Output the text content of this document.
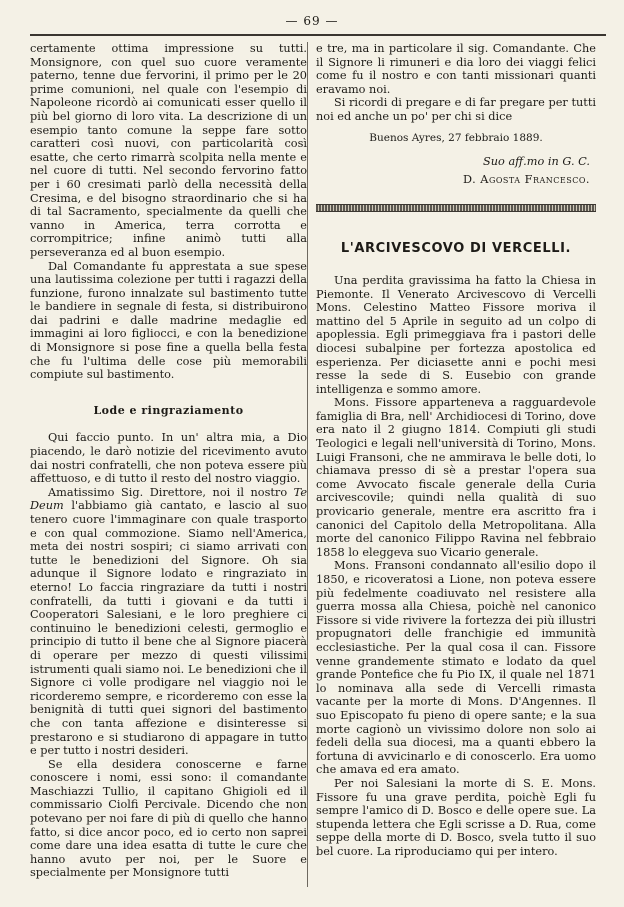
— 69 —

certamente ottima impressione su tutti. Monsignore, con quel suo cuore veramente paterno, tenne due fervorini, il primo per le 20 prime comunioni, nel quale con l'esempio di Napoleone ricordò ai comunicati esser quello il più bel giorno di loro vita. La descrizione di un esempio tanto comune la seppe fare sotto caratteri così nuovi, con particolarità così esatte, che certo rimarrà scolpita nella mente e nel cuore di tutti. Nel secondo fervorino fatto per i 60 cresimati parlò della necessità della Cresima, e del bisogno straordinario che si ha di tal Sacramento, specialmente da quelli che vanno in America, terra corrotta e corrompitrice; infine animò tutti alla perseveranza ed al buon esempio.

Dal Comandante fu apprestata a sue spese una lautissima colezione per tutti i ragazzi della funzione, furono innalzate sul bastimento tutte le bandiere in segnale di festa, si distribuirono dai padrini e dalle madrine medaglie ed immagini ai loro figliocci, e con la benedizione di Monsignore si pose fine a quella bella festa che fu l'ultima delle cose più memorabili compiute sul bastimento.

Lode e ringraziamento

Qui faccio punto. In un' altra mia, a Dio piacendo, le darò notizie del ricevimento avuto dai nostri confratelli, che non poteva essere più affettuoso, e di tutto il resto del nostro viaggio.

Amatissimo Sig. Direttore, noi il nostro Te Deum l'abbiamo già cantato, e lascio al suo tenero cuore l'immaginare con quale trasporto e con qual commozione. Siamo nell'America, meta dei nostri sospiri; ci siamo arrivati con tutte le benedizioni del Signore. Oh sia adunque il Signore lodato e ringraziato in eterno! Lo faccia ringraziare da tutti i nostri confratelli, da tutti i giovani e da tutti i Cooperatori Salesiani, e le loro preghiere ci continuino le benedizioni celesti, germoglio e principio di tutto il bene che al Signore piacerà di operare per mezzo di questi vilissimi istrumenti quali siamo noi. Le benedizioni che il Signore ci volle prodigare nel viaggio noi le ricorderemo sempre, e ricorderemo con esse la benignità di tutti quei signori del bastimento che con tanta affezione e disinteresse si prestarono e si studiarono di appagare in tutto e per tutto i nostri desideri.

Se ella desidera conoscerne e farne conoscere i nomi, essi sono: il comandante Maschiazzi Tullio, il capitano Ghigioli ed il commissario Ciolfi Percivale. Dicendo che non potevano per noi fare di più di quello che hanno fatto, si dice ancor poco, ed io certo non saprei come dare una idea esatta di tutte le cure che hanno avuto per noi, per le Suore e specialmente per Monsignore tutti

e tre, ma in particolare il sig. Comandante. Che il Signore li rimuneri e dia loro dei viaggi felici come fu il nostro e con tanti missionari quanti eravamo noi.

Si ricordi di pregare e di far pregare per tutti noi ed anche un po' per chi si dice

Buenos Ayres, 27 febbraio 1889.
Suo aff.mo in G. C.
D. Agosta Francesco.
L'ARCIVESCOVO DI VERCELLI.

Una perdita gravissima ha fatto la Chiesa in Piemonte. Il Venerato Arcivescovo di Vercelli Mons. Celestino Matteo Fissore moriva il mattino del 5 Aprile in seguito ad un colpo di apoplessia. Egli primeggiava fra i pastori delle diocesi subalpine per fortezza apostolica ed esperienza. Per diciasette anni e pochi mesi resse la sede di S. Eusebio con grande intelligenza e sommo amore.

Mons. Fissore apparteneva a ragguardevole famiglia di Bra, nell' Archidiocesi di Torino, dove era nato il 2 giugno 1814. Compiuti gli studi Teologici e legali nell'università di Torino, Mons. Luigi Fransoni, che ne ammirava le belle doti, lo chiamava presso di sè a prestar l'opera sua come Avvocato fiscale generale della Curia arcivescovile; quindi nella qualità di suo provicario generale, mentre era ascritto fra i canonici del Capitolo della Metropolitana. Alla morte del canonico Filippo Ravina nel febbraio 1858 lo eleggeva suo Vicario generale.

Mons. Fransoni condannato all'esilio dopo il 1850, e ricoveratosi a Lione, non poteva essere più fedelmente coadiuvato nel resistere alla guerra mossa alla Chiesa, poichè nel canonico Fissore si vide rivivere la fortezza dei più illustri propugnatori delle franchigie ed immunità ecclesiastiche. Per la qual cosa il can. Fissore venne grandemente stimato e lodato da quel grande Pontefice che fu Pio IX, il quale nel 1871 lo nominava alla sede di Vercelli rimasta vacante per la morte di Mons. D'Angennes. Il suo Episcopato fu pieno di opere sante; e la sua morte cagionò un vivissimo dolore non solo ai fedeli della sua diocesi, ma a quanti ebbero la fortuna di avvicinarlo e di conoscerlo. Era uomo che amava ed era amato.

Per noi Salesiani la morte di S. E. Mons. Fissore fu una grave perdita, poichè Egli fu sempre l'amico di D. Bosco e delle opere sue. La stupenda lettera che Egli scrisse a D. Rua, come seppe della morte di D. Bosco, svela tutto il suo bel cuore. La riproduciamo qui per intero.
